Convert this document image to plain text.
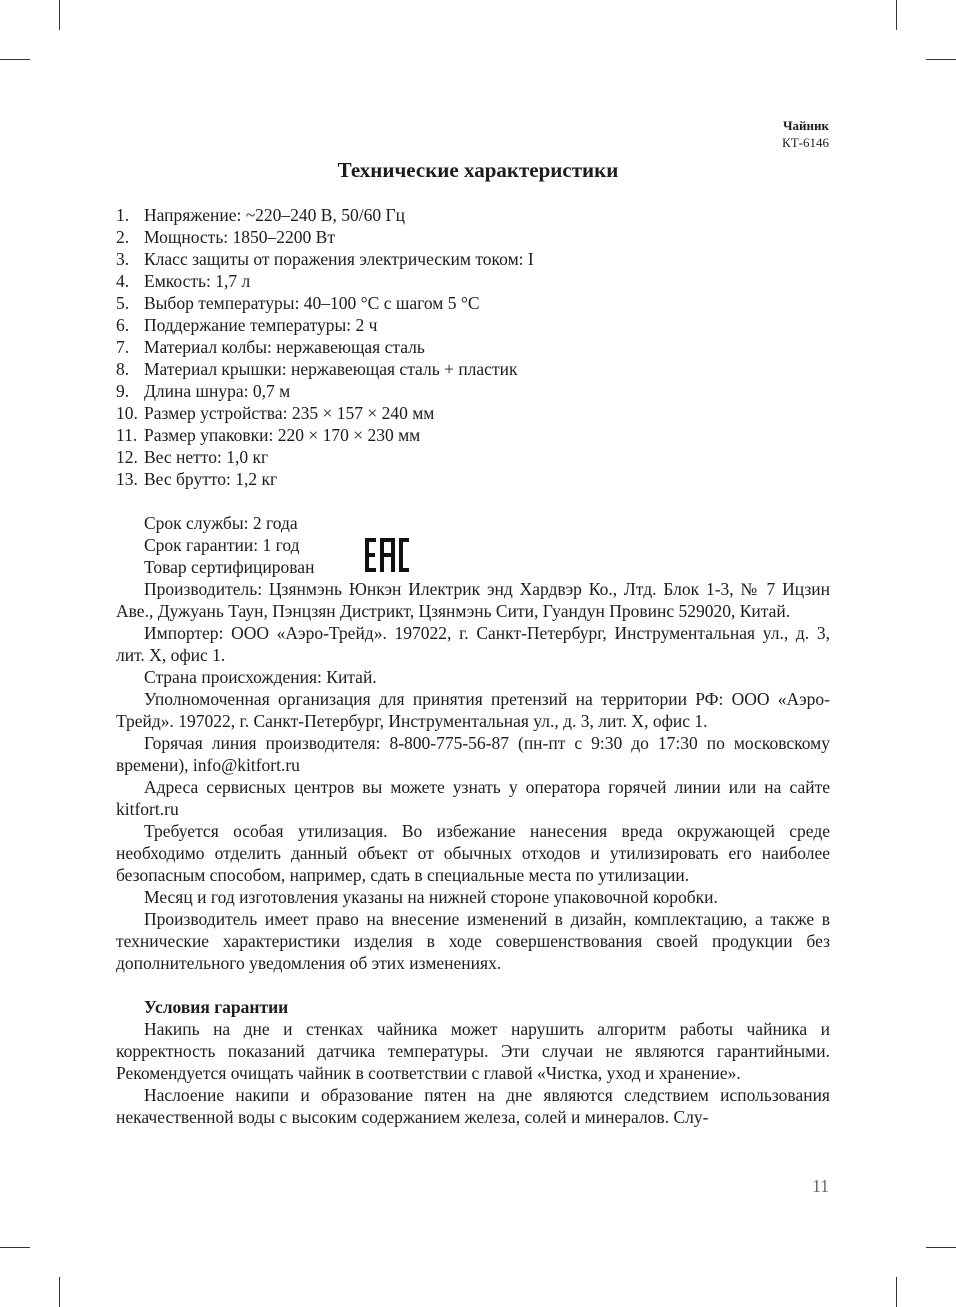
Чайник
КТ-6146
Технические характеристики
1. Напряжение: ~220–240 В, 50/60 Гц
2. Мощность: 1850–2200 Вт
3. Класс защиты от поражения электрическим током: I
4. Емкость: 1,7 л
5. Выбор температуры: 40–100 °С с шагом 5 °С
6. Поддержание температуры: 2 ч
7. Материал колбы: нержавеющая сталь
8. Материал крышки: нержавеющая сталь + пластик
9. Длина шнура: 0,7 м
10. Размер устройства: 235 × 157 × 240 мм
11. Размер упаковки: 220 × 170 × 230 мм
12. Вес нетто: 1,0 кг
13. Вес брутто: 1,2 кг

Срок службы: 2 года

Срок гарантии: 1 год

Товар сертифицирован

Производитель: Цзянмэнь Юнкэн Илектрик энд Хардвэр Ко., Лтд. Блок 1-3, № 7 Ицзин Аве., Дужуань Таун, Пэнцзян Дистрикт, Цзянмэнь Сити, Гуандун Провинс 529020, Китай.

Импортер: ООО «Аэро-Трейд». 197022, г. Санкт-Петербург, Инструментальная ул., д. 3, лит. Х, офис 1.

Страна происхождения: Китай.

Уполномоченная организация для принятия претензий на территории РФ: ООО «Аэро-Трейд». 197022, г. Санкт-Петербург, Инструментальная ул., д. 3, лит. Х, офис 1.

Горячая линия производителя: 8-800-775-56-87 (пн-пт с 9:30 до 17:30 по московскому времени), info@kitfort.ru

Адреса сервисных центров вы можете узнать у оператора горячей линии или на сайте kitfort.ru

Требуется особая утилизация. Во избежание нанесения вреда окружающей среде необходимо отделить данный объект от обычных отходов и утилизировать его наиболее безопасным способом, например, сдать в специальные места по утилизации.

Месяц и год изготовления указаны на нижней стороне упаковочной коробки.

Производитель имеет право на внесение изменений в дизайн, комплектацию, а также в технические характеристики изделия в ходе совершенствования своей продукции без дополнительного уведомления об этих изменениях.

Условия гарантии

Накипь на дне и стенках чайника может нарушить алгоритм работы чайника и корректность показаний датчика температуры. Эти случаи не являются гарантийными. Рекомендуется очищать чайник в соответствии с главой «Чистка, уход и хранение».

Наслоение накипи и образование пятен на дне являются следствием использования некачественной воды с высоким содержанием железа, солей и минералов. Слу-

11
